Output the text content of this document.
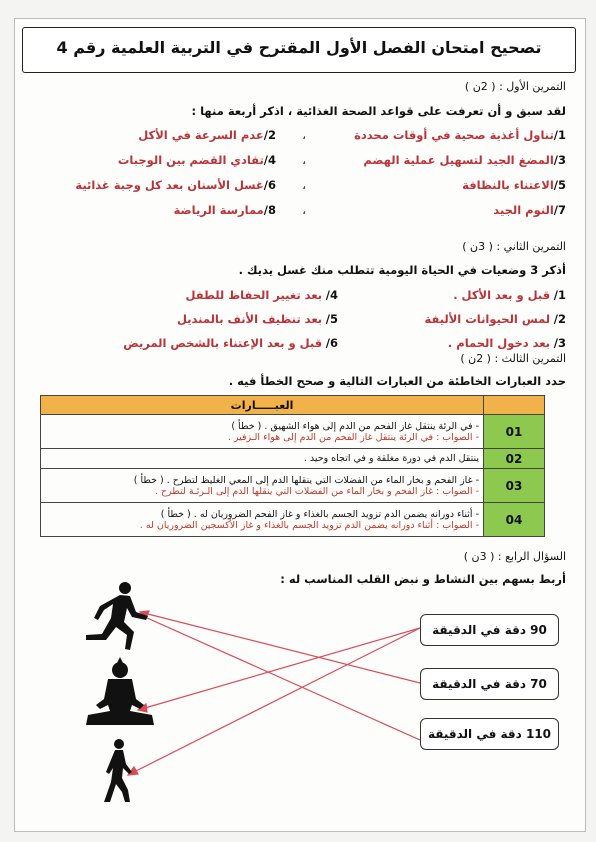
تصحيح امتحان الفصل الأول المقترح في التربية العلمية رقم 4
التمرين الأول : ( 2ن )
لقد سبق و أن تعرفت على قواعد الصحة الغذائية ، اذكر أربعة منها :
1/تناول أغذية صحية في أوقات محددة
،
2/عدم السرعة في الأكل
3/المضغ الجيد لتسهيل عملية الهضم
،
4/تفادي القضم بين الوجبات
5/الاعتناء بالنظافة
،
6/غسل الأسنان بعد كل وجبة غذائية
7/النوم الجيد
،
8/ممارسة الرياضة
التمرين الثاني : ( 3ن )
أذكر 3 وضعيات في الحياة اليومية تتطلب منك غسل يديك .
1/ قبل و بعد الأكل .
4/ بعد تغيير الحفاظ للطفل
2/ لمس الحيوانات الأليفة
5/ بعد تنظيف الأنف بالمنديل
3/ بعد دخول الحمام .
6/ قبل و بعد الإعتناء بالشخص المريض
التمرين الثالث : ( 2ن )
حدد العبارات الخاطئة من العبارات التالية و صحح الخطأ فيه .
العبـــــارات	

- في الرئة ينتقل غاز الفحم من الدم إلى هواء الشهيق . ( خطأ )
- الصواب : في الرئة ينتقل غاز الفحم من الدم إلى هواء الـزفير .	01

ينتقل الدم في دورة مغلقة و في اتجاه وحيد .	02

- غاز الفحم و بخار الماء من الفضلات التي ينقلها الدم إلى المعي الغليظ لتطرح . ( خطأ )
- الصواب : غاز الفحم و بخار الماء من الفضلات التي ينقلها الدم إلى الـرئـة لتطرح .	03

- أثناء دورانه يضمن الدم تزويد الجسم بالغذاء و غاز الفحم الضروريان له . ( خطأ )
- الصواب : أثناء دورانه يضمن الدم تزويد الجسم بالغذاء و غاز الأكسجين الضروريان له .	04
السؤال الرابع : ( 3ن )
أربط بسهم بين النشاط و نبض القلب المناسب له :
90 دقة في الدقيقة
70 دقة في الدقيقة
110 دقة في الدقيقة
